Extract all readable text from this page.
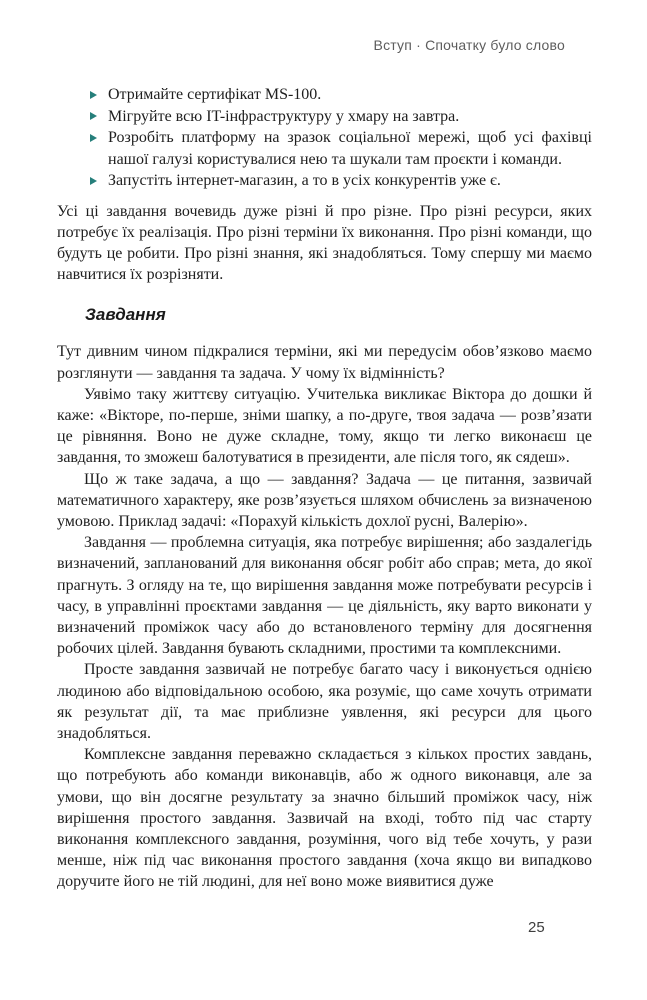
Вступ · Спочатку було слово
Отримайте сертифікат MS-100.
Мігруйте всю IT-інфраструктуру у хмару на завтра.
Розробіть платформу на зразок соціальної мережі, щоб усі фахівці нашої галузі користувалися нею та шукали там проєкти і команди.
Запустіть інтернет-магазин, а то в усіх конкурентів уже є.

Усі ці завдання вочевидь дуже різні й про різне. Про різні ресурси, яких потребує їх реалізація. Про різні терміни їх виконання. Про різні команди, що будуть це робити. Про різні знання, які знадобляться. Тому спершу ми маємо навчитися їх розрізняти.

Завдання

Тут дивним чином підкралися терміни, які ми передусім обов’язково маємо розглянути — завдання та задача. У чому їх відмінність?

Уявімо таку життєву ситуацію. Учителька викликає Віктора до дошки й каже: «Вікторе, по-перше, зніми шапку, а по-друге, твоя задача — розв’язати це рівняння. Воно не дуже складне, тому, якщо ти легко виконаєш це завдання, то зможеш балотуватися в президенти, але після того, як сядеш».

Що ж таке задача, а що — завдання? Задача — це питання, зазвичай математичного характеру, яке розв’язується шляхом обчислень за визначеною умовою. Приклад задачі: «Порахуй кількість дохлої русні, Валерію».

Завдання — проблемна ситуація, яка потребує вирішення; або заздалегідь визначений, запланований для виконання обсяг робіт або справ; мета, до якої прагнуть. З огляду на те, що вирішення завдання може потребувати ресурсів і часу, в управлінні проєктами завдання — це діяльність, яку варто виконати у визначений проміжок часу або до встановленого терміну для досягнення робочих цілей. Завдання бувають складними, простими та комплексними.

Просте завдання зазвичай не потребує багато часу і виконується однією людиною або відповідальною особою, яка розуміє, що саме хочуть отримати як результат дії, та має приблизне уявлення, які ресурси для цього знадобляться.

Комплексне завдання переважно складається з кількох простих завдань, що потребують або команди виконавців, або ж одного виконавця, але за умови, що він досягне результату за значно більший проміжок часу, ніж вирішення простого завдання. Зазвичай на вході, тобто під час старту виконання комплексного завдання, розуміння, чого від тебе хочуть, у рази менше, ніж під час виконання простого завдання (хоча якщо ви випадково доручите його не тій людині, для неї воно може виявитися дуже

25
